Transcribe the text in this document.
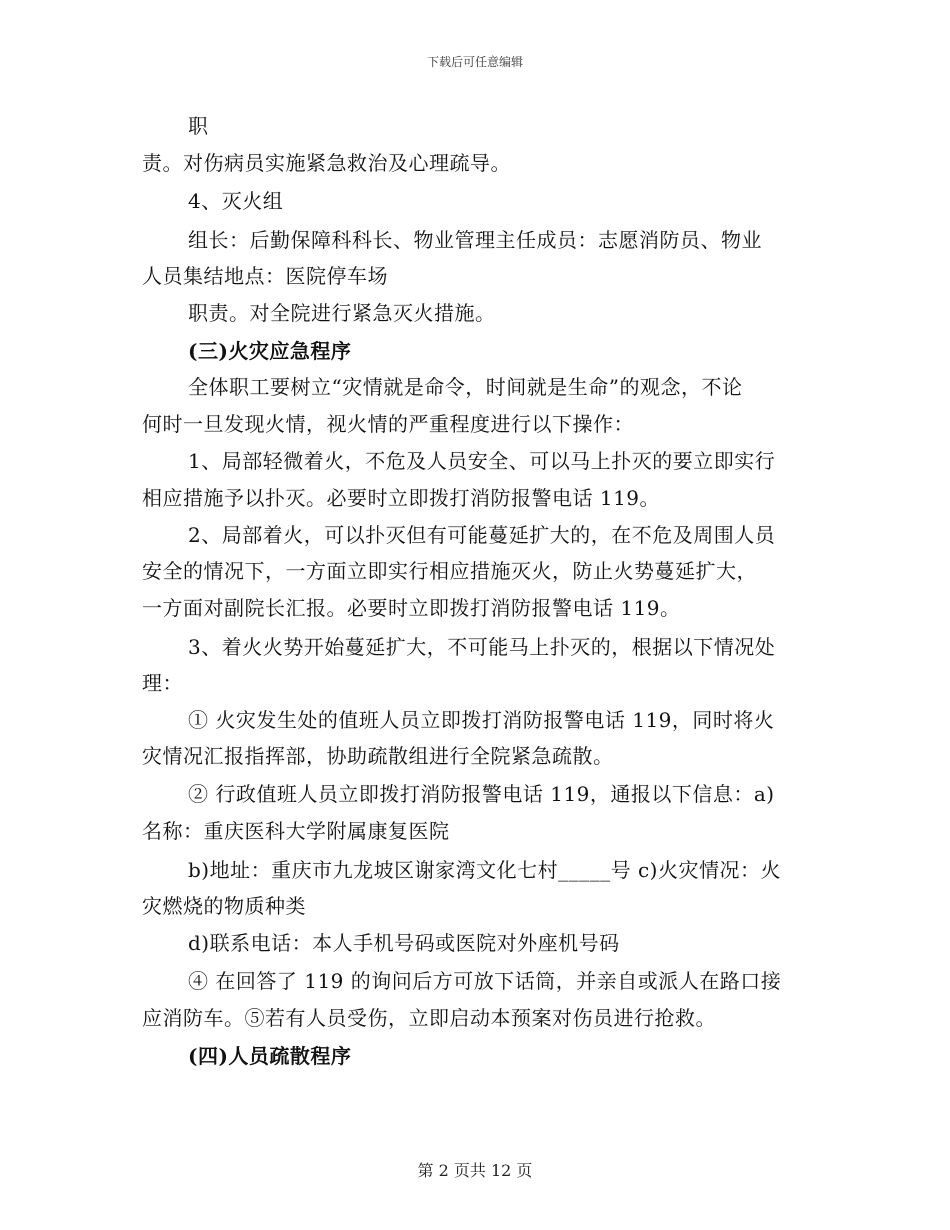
下载后可任意编辑
职
责。对伤病员实施紧急救治及心理疏导。
4、灭火组
组长：后勤保障科科长、物业管理主任成员：志愿消防员、物业
人员集结地点：医院停车场
职责。对全院进行紧急灭火措施。
(三)火灾应急程序
全体职工要树立“灾情就是命令，时间就是生命”的观念，不论
何时一旦发现火情，视火情的严重程度进行以下操作：
1、局部轻微着火，不危及人员安全、可以马上扑灭的要立即实行
相应措施予以扑灭。必要时立即拨打消防报警电话 119。
2、局部着火，可以扑灭但有可能蔓延扩大的，在不危及周围人员
安全的情况下，一方面立即实行相应措施灭火，防止火势蔓延扩大，
一方面对副院长汇报。必要时立即拨打消防报警电话 119。
3、着火火势开始蔓延扩大，不可能马上扑灭的，根据以下情况处
理：
① 火灾发生处的值班人员立即拨打消防报警电话 119，同时将火
灾情况汇报指挥部，协助疏散组进行全院紧急疏散。
② 行政值班人员立即拨打消防报警电话 119，通报以下信息：a)
名称：重庆医科大学附属康复医院
b)地址：重庆市九龙坡区谢家湾文化七村_____号 c)火灾情况：火
灾燃烧的物质种类
d)联系电话：本人手机号码或医院对外座机号码
④ 在回答了 119 的询问后方可放下话筒，并亲自或派人在路口接
应消防车。⑤若有人员受伤，立即启动本预案对伤员进行抢救。
(四)人员疏散程序
第 2 页共 12 页
